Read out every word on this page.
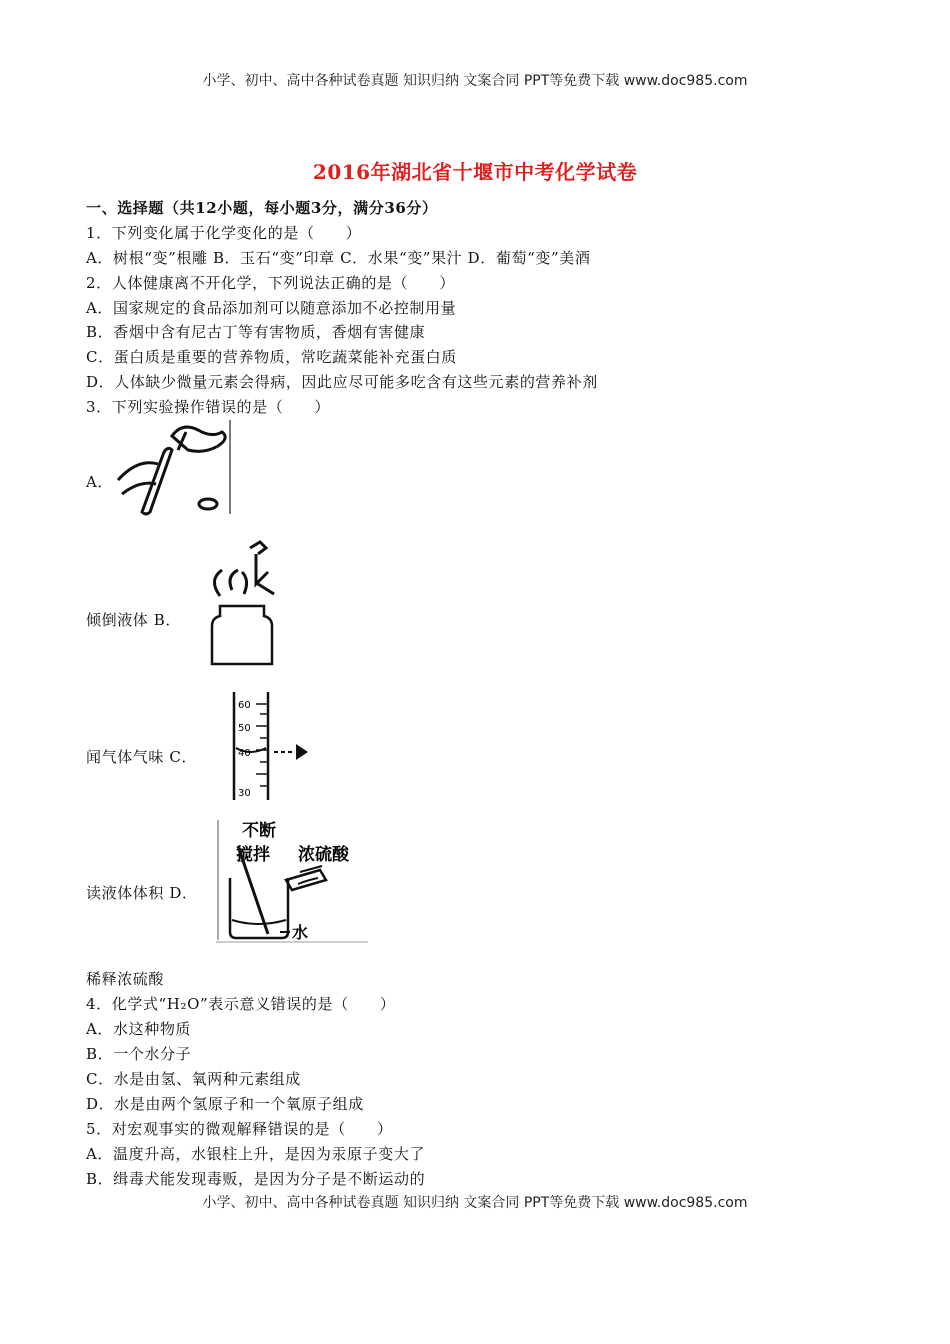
小学、初中、高中各种试卷真题 知识归纳 文案合同 PPT等免费下载 www.doc985.com
2016年湖北省十堰市中考化学试卷
一、选择题（共12小题，每小题3分，满分36分）
1．下列变化属于化学变化的是（　　）
A．树根“变”根雕 B．玉石“变”印章 C．水果“变”果汁 D．葡萄“变”美酒
2．人体健康离不开化学，下列说法正确的是（　　）
A．国家规定的食品添加剂可以随意添加不必控制用量
B．香烟中含有尼古丁等有害物质，香烟有害健康
C．蛋白质是重要的营养物质，常吃蔬菜能补充蛋白质
D．人体缺少微量元素会得病，因此应尽可能多吃含有这些元素的营养补剂
3．下列实验操作错误的是（　　）
A．
倾倒液体 B．
闻气体气味 C．
60
50
40
30
读液体体积 D．
不断
搅拌 浓硫酸
水
稀释浓硫酸
4．化学式“H₂O”表示意义错误的是（　　）
A．水这种物质
B．一个水分子
C．水是由氢、氧两种元素组成
D．水是由两个氢原子和一个氧原子组成
5．对宏观事实的微观解释错误的是（　　）
A．温度升高，水银柱上升，是因为汞原子变大了
B．缉毒犬能发现毒贩，是因为分子是不断运动的
小学、初中、高中各种试卷真题 知识归纳 文案合同 PPT等免费下载 www.doc985.com
